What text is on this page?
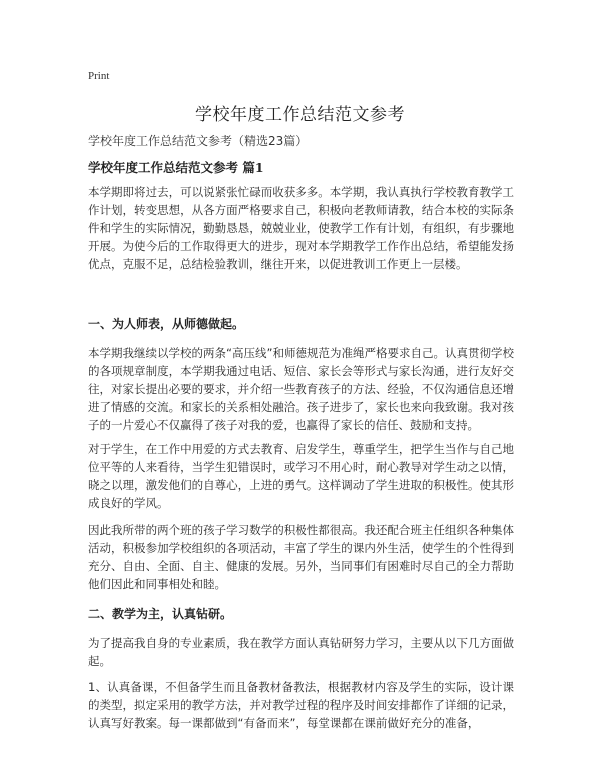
Print
学校年度工作总结范文参考
学校年度工作总结范文参考（精选23篇）
学校年度工作总结范文参考 篇1

本学期即将过去，可以说紧张忙碌而收获多多。本学期，我认真执行学校教育教学工作计划，转变思想，从各方面严格要求自己，积极向老教师请教，结合本校的实际条件和学生的实际情况，勤勤恳恳，兢兢业业，使教学工作有计划，有组织，有步骤地开展。为使今后的工作取得更大的进步，现对本学期教学工作作出总结，希望能发扬优点，克服不足，总结检验教训，继往开来，以促进教训工作更上一层楼。

一、为人师表，从师德做起。

本学期我继续以学校的两条“高压线”和师德规范为准绳严格要求自己。认真贯彻学校的各项规章制度，本学期我通过电话、短信、家长会等形式与家长沟通，进行友好交往，对家长提出必要的要求，并介绍一些教育孩子的方法、经验，不仅沟通信息还增进了情感的交流。和家长的关系相处融洽。孩子进步了，家长也来向我致谢。我对孩子的一片爱心不仅赢得了孩子对我的爱，也赢得了家长的信任、鼓励和支持。

对于学生，在工作中用爱的方式去教育、启发学生，尊重学生，把学生当作与自己地位平等的人来看待，当学生犯错误时，或学习不用心时，耐心教导对学生动之以情，晓之以理，激发他们的自尊心，上进的勇气。这样调动了学生进取的积极性。使其形成良好的学风。

因此我所带的两个班的孩子学习数学的积极性都很高。我还配合班主任组织各种集体活动，积极参加学校组织的各项活动，丰富了学生的课内外生活，使学生的个性得到充分、自由、全面、自主、健康的发展。另外，当同事们有困难时尽自己的全力帮助他们因此和同事相处和睦。

二、教学为主，认真钻研。

为了提高我自身的专业素质，我在教学方面认真钻研努力学习，主要从以下几方面做起。

1、认真备课，不但备学生而且备教材备教法，根据教材内容及学生的实际，设计课的类型，拟定采用的教学方法，并对教学过程的程序及时间安排都作了详细的记录，认真写好教案。每一课都做到“有备而来”，每堂课都在课前做好充分的准备，
